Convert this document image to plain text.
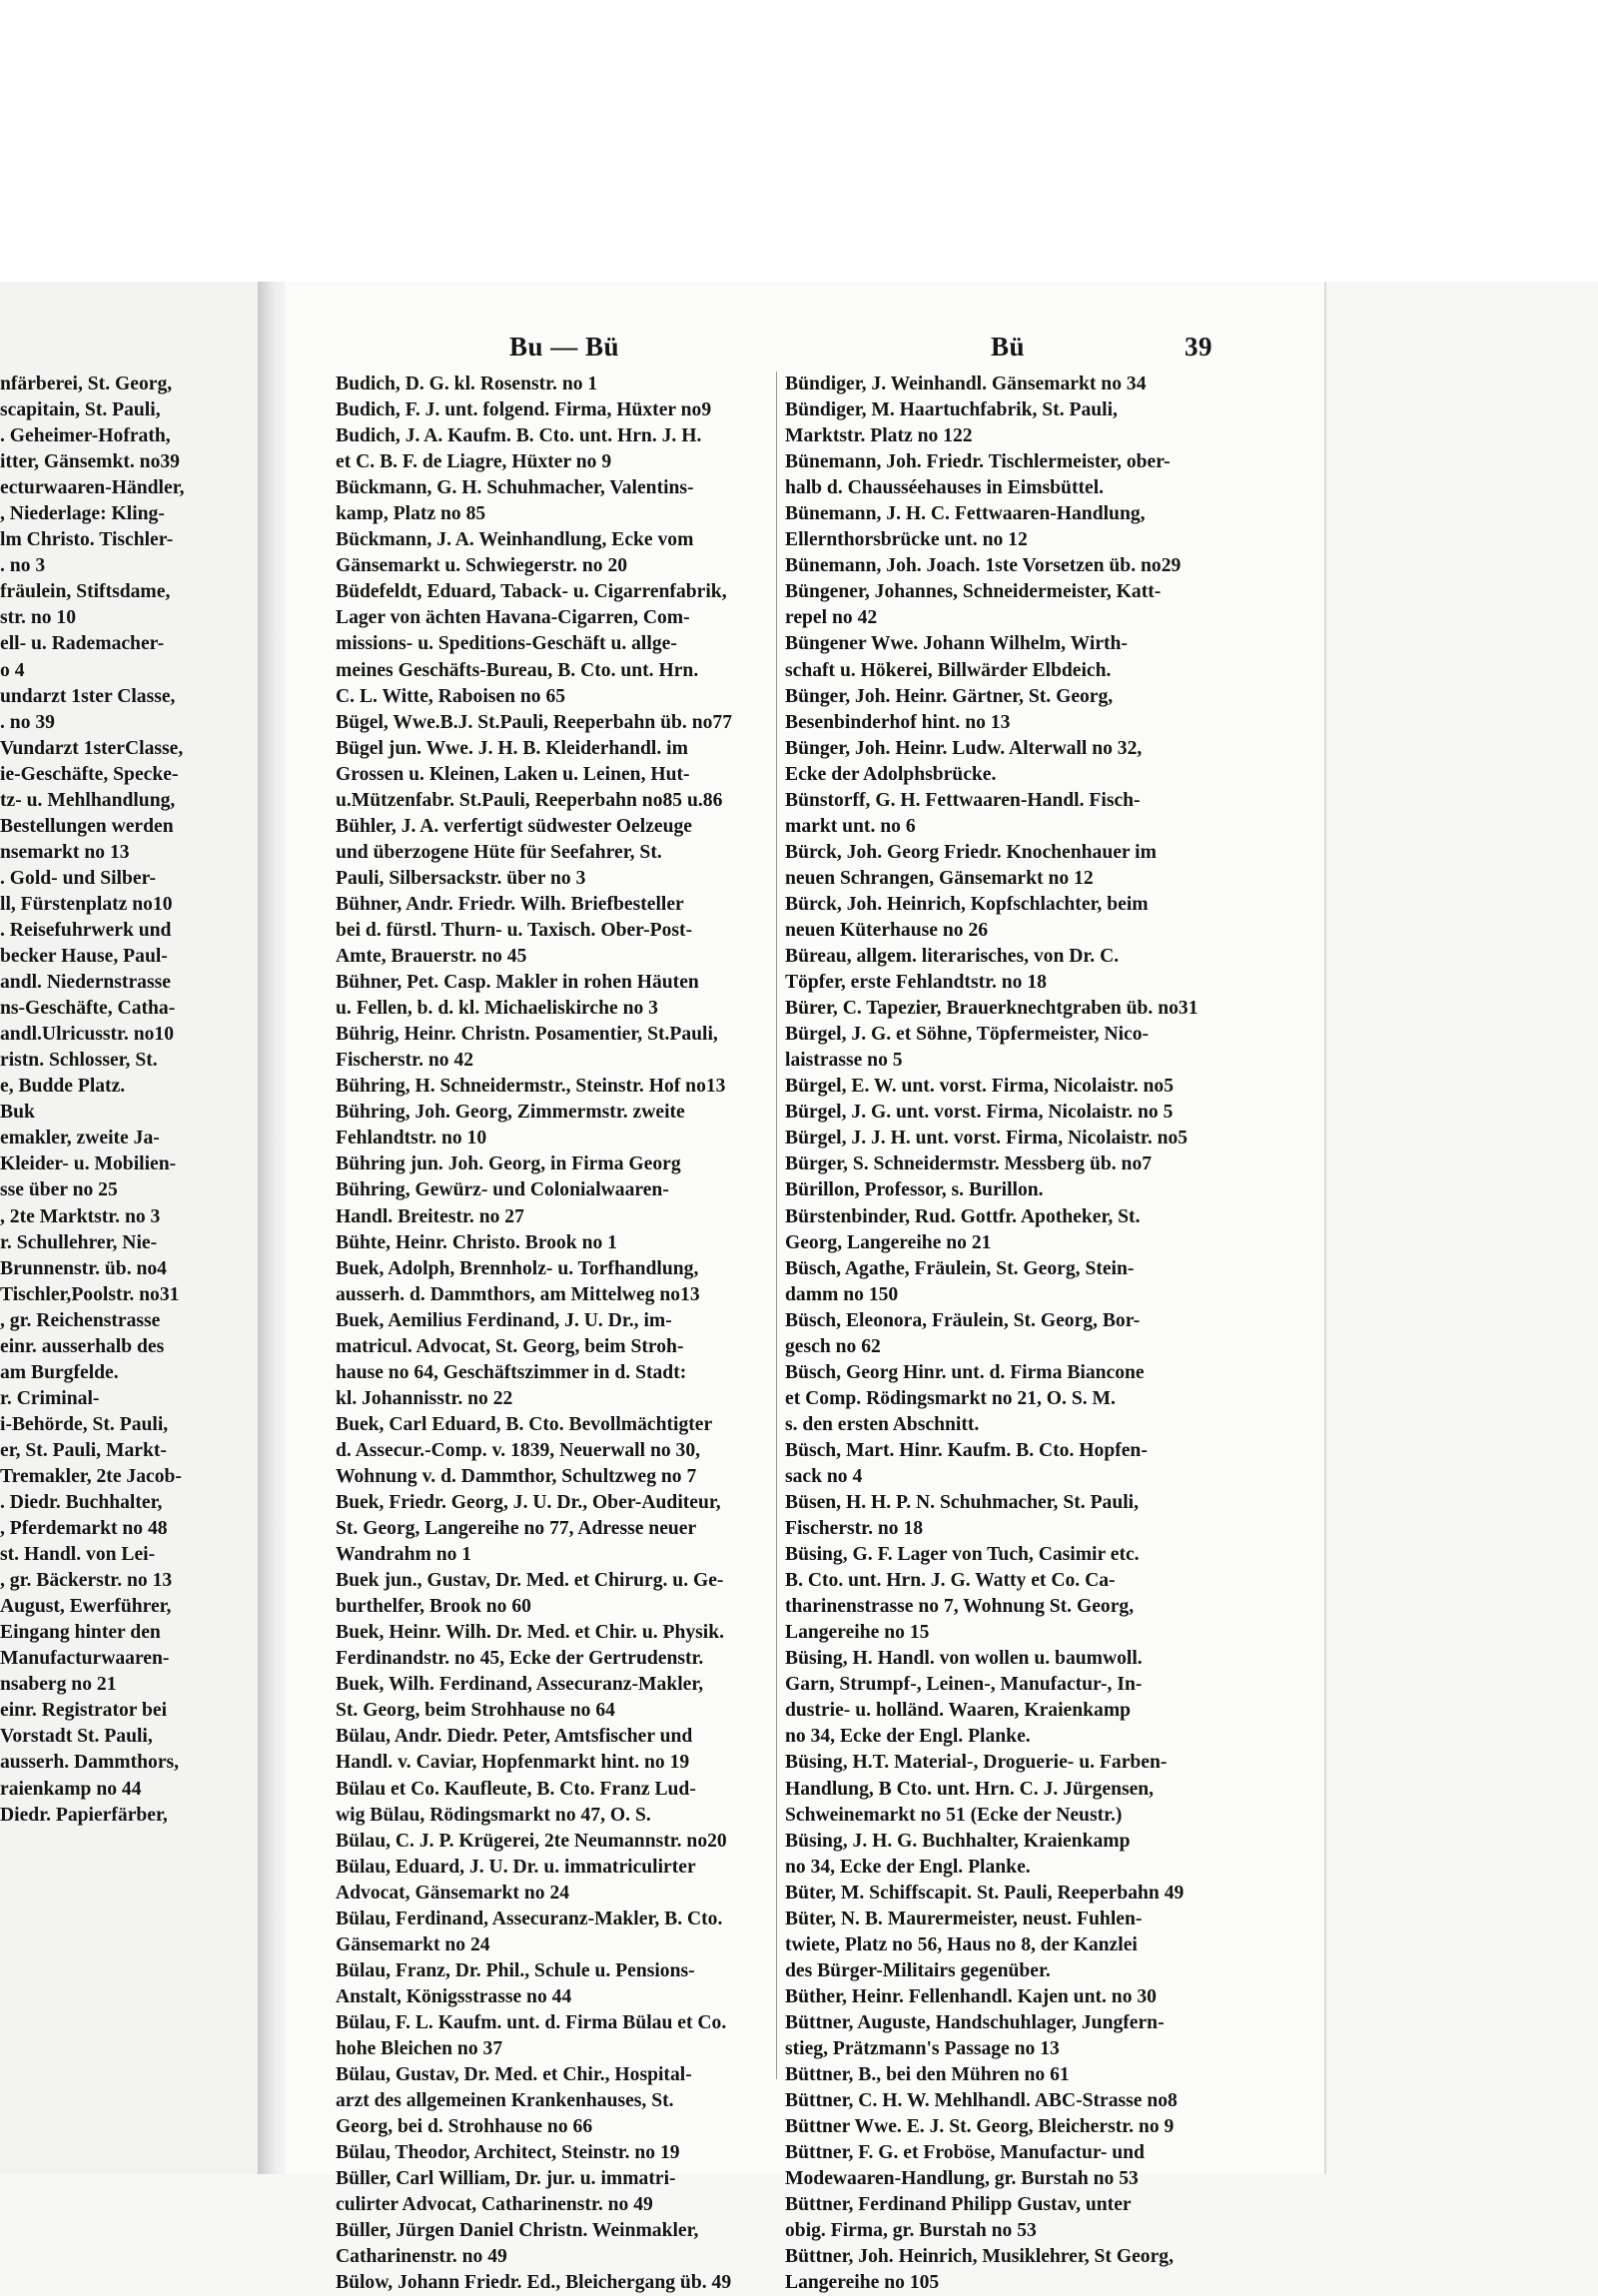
nfärberei, St. Georg,
scapitain, St. Pauli,
. Geheimer-Hofrath,
itter, Gänsemkt. no39
ecturwaaren-Händler,
, Niederlage: Kling-
lm Christo. Tischler-
. no 3
fräulein, Stiftsdame,
str. no 10
ell- u. Rademacher-
o 4
undarzt 1ster Classe,
. no 39
Vundarzt 1sterClasse,
ie-Geschäfte, Specke-
tz- u. Mehlhandlung,
Bestellungen werden
nsemarkt no 13
. Gold- und Silber-
ll, Fürstenplatz no10
. Reisefuhrwerk und
becker Hause, Paul-
andl. Niedernstrasse
ns-Geschäfte, Catha-
andl.Ulricusstr. no10
ristn. Schlosser, St.
e, Budde Platz.
Buk
emakler, zweite Ja-
Kleider- u. Mobilien-
sse über no 25
, 2te Marktstr. no 3
r. Schullehrer, Nie-
Brunnenstr. üb. no4
Tischler,Poolstr. no31
, gr. Reichenstrasse
einr. ausserhalb des
am Burgfelde.
r. Criminal-
i-Behörde, St. Pauli,
er, St. Pauli, Markt-
Tremakler, 2te Jacob-
. Diedr. Buchhalter,
, Pferdemarkt no 48
st. Handl. von Lei-
, gr. Bäckerstr. no 13
August, Ewerführer,
Eingang hinter den
Manufacturwaaren-
nsaberg no 21
einr. Registrator bei
Vorstadt St. Pauli,
ausserh. Dammthors,
raienkamp no 44
Diedr. Papierfärber,
Bu — Bü	Bü	39
Budich, D. G. kl. Rosenstr. no 1
Budich, F. J. unt. folgend. Firma, Hüxter no9
Budich, J. A. Kaufm. B. Cto. unt. Hrn. J. H.
et C. B. F. de Liagre, Hüxter no 9
Bückmann, G. H. Schuhmacher, Valentins-
kamp, Platz no 85
Bückmann, J. A. Weinhandlung, Ecke vom
Gänsemarkt u. Schwiegerstr. no 20
Büdefeldt, Eduard, Taback- u. Cigarrenfabrik,
Lager von ächten Havana-Cigarren, Com-
missions- u. Speditions-Geschäft u. allge-
meines Geschäfts-Bureau, B. Cto. unt. Hrn.
C. L. Witte, Raboisen no 65
Bügel, Wwe.B.J. St.Pauli, Reeperbahn üb. no77
Bügel jun. Wwe. J. H. B. Kleiderhandl. im
Grossen u. Kleinen, Laken u. Leinen, Hut-
u.Mützenfabr. St.Pauli, Reeperbahn no85 u.86
Bühler, J. A. verfertigt südwester Oelzeuge
und überzogene Hüte für Seefahrer, St.
Pauli, Silbersackstr. über no 3
Bühner, Andr. Friedr. Wilh. Briefbesteller
bei d. fürstl. Thurn- u. Taxisch. Ober-Post-
Amte, Brauerstr. no 45
Bühner, Pet. Casp. Makler in rohen Häuten
u. Fellen, b. d. kl. Michaeliskirche no 3
Bührig, Heinr. Christn. Posamentier, St.Pauli,
Fischerstr. no 42
Bühring, H. Schneidermstr., Steinstr. Hof no13
Bühring, Joh. Georg, Zimmermstr. zweite
Fehlandtstr. no 10
Bühring jun. Joh. Georg, in Firma Georg
Bühring, Gewürz- und Colonialwaaren-
Handl. Breitestr. no 27
Bühte, Heinr. Christo. Brook no 1
Buek, Adolph, Brennholz- u. Torfhandlung,
ausserh. d. Dammthors, am Mittelweg no13
Buek, Aemilius Ferdinand, J. U. Dr., im-
matricul. Advocat, St. Georg, beim Stroh-
hause no 64, Geschäftszimmer in d. Stadt:
kl. Johannisstr. no 22
Buek, Carl Eduard, B. Cto. Bevollmächtigter
d. Assecur.-Comp. v. 1839, Neuerwall no 30,
Wohnung v. d. Dammthor, Schultzweg no 7
Buek, Friedr. Georg, J. U. Dr., Ober-Auditeur,
St. Georg, Langereihe no 77, Adresse neuer
Wandrahm no 1
Buek jun., Gustav, Dr. Med. et Chirurg. u. Ge-
burthelfer, Brook no 60
Buek, Heinr. Wilh. Dr. Med. et Chir. u. Physik.
Ferdinandstr. no 45, Ecke der Gertrudenstr.
Buek, Wilh. Ferdinand, Assecuranz-Makler,
St. Georg, beim Strohhause no 64
Bülau, Andr. Diedr. Peter, Amtsfischer und
Handl. v. Caviar, Hopfenmarkt hint. no 19
Bülau et Co. Kaufleute, B. Cto. Franz Lud-
wig Bülau, Rödingsmarkt no 47, O. S.
Bülau, C. J. P. Krügerei, 2te Neumannstr. no20
Bülau, Eduard, J. U. Dr. u. immatriculirter
Advocat, Gänsemarkt no 24
Bülau, Ferdinand, Assecuranz-Makler, B. Cto.
Gänsemarkt no 24
Bülau, Franz, Dr. Phil., Schule u. Pensions-
Anstalt, Königsstrasse no 44
Bülau, F. L. Kaufm. unt. d. Firma Bülau et Co.
hohe Bleichen no 37
Bülau, Gustav, Dr. Med. et Chir., Hospital-
arzt des allgemeinen Krankenhauses, St.
Georg, bei d. Strohhause no 66
Bülau, Theodor, Architect, Steinstr. no 19
Büller, Carl William, Dr. jur. u. immatri-
culirter Advocat, Catharinenstr. no 49
Büller, Jürgen Daniel Christn. Weinmakler,
Catharinenstr. no 49
Bülow, Johann Friedr. Ed., Bleichergang üb. 49
Bündiger, J. Weinhandl. Gänsemarkt no 34
Bündiger, M. Haartuchfabrik, St. Pauli,
Marktstr. Platz no 122
Bünemann, Joh. Friedr. Tischlermeister, ober-
halb d. Chausséehauses in Eimsbüttel.
Bünemann, J. H. C. Fettwaaren-Handlung,
Ellernthorsbrücke unt. no 12
Bünemann, Joh. Joach. 1ste Vorsetzen üb. no29
Büngener, Johannes, Schneidermeister, Katt-
repel no 42
Büngener Wwe. Johann Wilhelm, Wirth-
schaft u. Hökerei, Billwärder Elbdeich.
Bünger, Joh. Heinr. Gärtner, St. Georg,
Besenbinderhof hint. no 13
Bünger, Joh. Heinr. Ludw. Alterwall no 32,
Ecke der Adolphsbrücke.
Bünstorff, G. H. Fettwaaren-Handl. Fisch-
markt unt. no 6
Bürck, Joh. Georg Friedr. Knochenhauer im
neuen Schrangen, Gänsemarkt no 12
Bürck, Joh. Heinrich, Kopfschlachter, beim
neuen Küterhause no 26
Büreau, allgem. literarisches, von Dr. C.
Töpfer, erste Fehlandtstr. no 18
Bürer, C. Tapezier, Brauerknechtgraben üb. no31
Bürgel, J. G. et Söhne, Töpfermeister, Nico-
laistrasse no 5
Bürgel, E. W. unt. vorst. Firma, Nicolaistr. no5
Bürgel, J. G. unt. vorst. Firma, Nicolaistr. no 5
Bürgel, J. J. H. unt. vorst. Firma, Nicolaistr. no5
Bürger, S. Schneidermstr. Messberg üb. no7
Bürillon, Professor, s. Burillon.
Bürstenbinder, Rud. Gottfr. Apotheker, St.
Georg, Langereihe no 21
Büsch, Agathe, Fräulein, St. Georg, Stein-
damm no 150
Büsch, Eleonora, Fräulein, St. Georg, Bor-
gesch no 62
Büsch, Georg Hinr. unt. d. Firma Biancone
et Comp. Rödingsmarkt no 21, O. S. M.
s. den ersten Abschnitt.
Büsch, Mart. Hinr. Kaufm. B. Cto. Hopfen-
sack no 4
Büsen, H. H. P. N. Schuhmacher, St. Pauli,
Fischerstr. no 18
Büsing, G. F. Lager von Tuch, Casimir etc.
B. Cto. unt. Hrn. J. G. Watty et Co. Ca-
tharinenstrasse no 7, Wohnung St. Georg,
Langereihe no 15
Büsing, H. Handl. von wollen u. baumwoll.
Garn, Strumpf-, Leinen-, Manufactur-, In-
dustrie- u. holländ. Waaren, Kraienkamp
no 34, Ecke der Engl. Planke.
Büsing, H.T. Material-, Droguerie- u. Farben-
Handlung, B Cto. unt. Hrn. C. J. Jürgensen,
Schweinemarkt no 51 (Ecke der Neustr.)
Büsing, J. H. G. Buchhalter, Kraienkamp
no 34, Ecke der Engl. Planke.
Büter, M. Schiffscapit. St. Pauli, Reeperbahn 49
Büter, N. B. Maurermeister, neust. Fuhlen-
twiete, Platz no 56, Haus no 8, der Kanzlei
des Bürger-Militairs gegenüber.
Büther, Heinr. Fellenhandl. Kajen unt. no 30
Büttner, Auguste, Handschuhlager, Jungfern-
stieg, Prätzmann's Passage no 13
Büttner, B., bei den Mühren no 61
Büttner, C. H. W. Mehlhandl. ABC-Strasse no8
Büttner Wwe. E. J. St. Georg, Bleicherstr. no 9
Büttner, F. G. et Froböse, Manufactur- und
Modewaaren-Handlung, gr. Burstah no 53
Büttner, Ferdinand Philipp Gustav, unter
obig. Firma, gr. Burstah no 53
Büttner, Joh. Heinrich, Musiklehrer, St Georg,
Langereihe no 105
